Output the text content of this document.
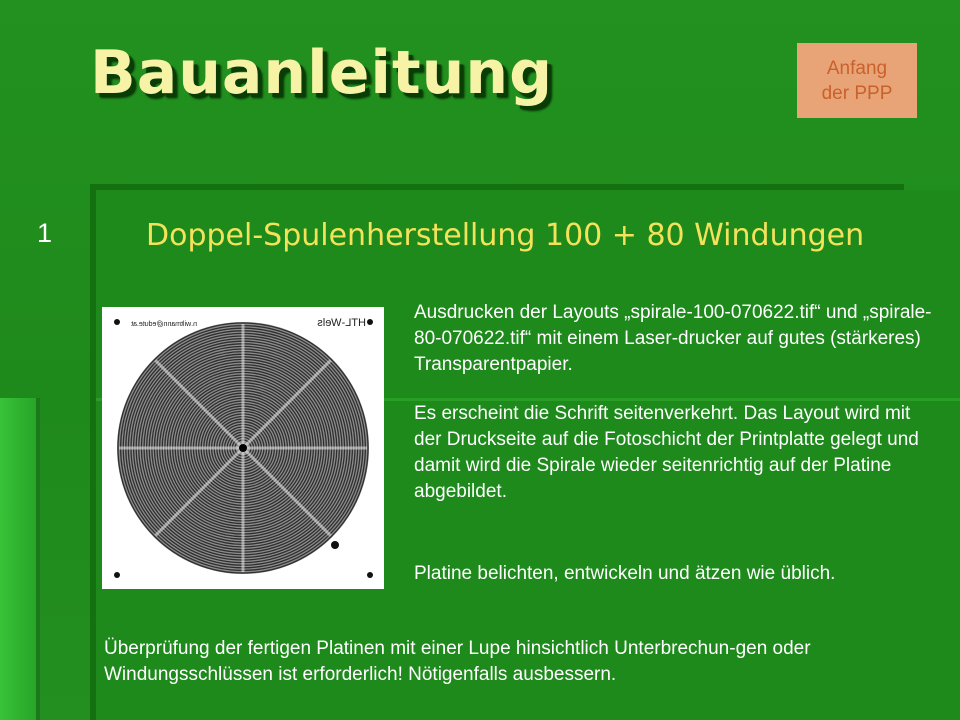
Bauanleitung	Anfang
der PPP
1	Doppel-Spulenherstellung 100 + 80 Windungen
n.wiltmann@edute.at	HTL-Wels	Ausdrucken der Layouts „spirale-100-070622.tif“ und „spirale-80-070622.tif“ mit einem Laser-drucker auf gutes (stärkeres) Transparentpapier.

Es erscheint die Schrift seitenverkehrt. Das Layout wird mit der Druckseite auf die Fotoschicht der Printplatte gelegt und damit wird die Spirale wieder seitenrichtig auf der Platine abgebildet.

Platine belichten, entwickeln und ätzen wie üblich.

Überprüfung der fertigen Platinen mit einer Lupe hinsichtlich Unterbrechun-gen oder Windungsschlüssen ist erforderlich! Nötigenfalls ausbessern.
